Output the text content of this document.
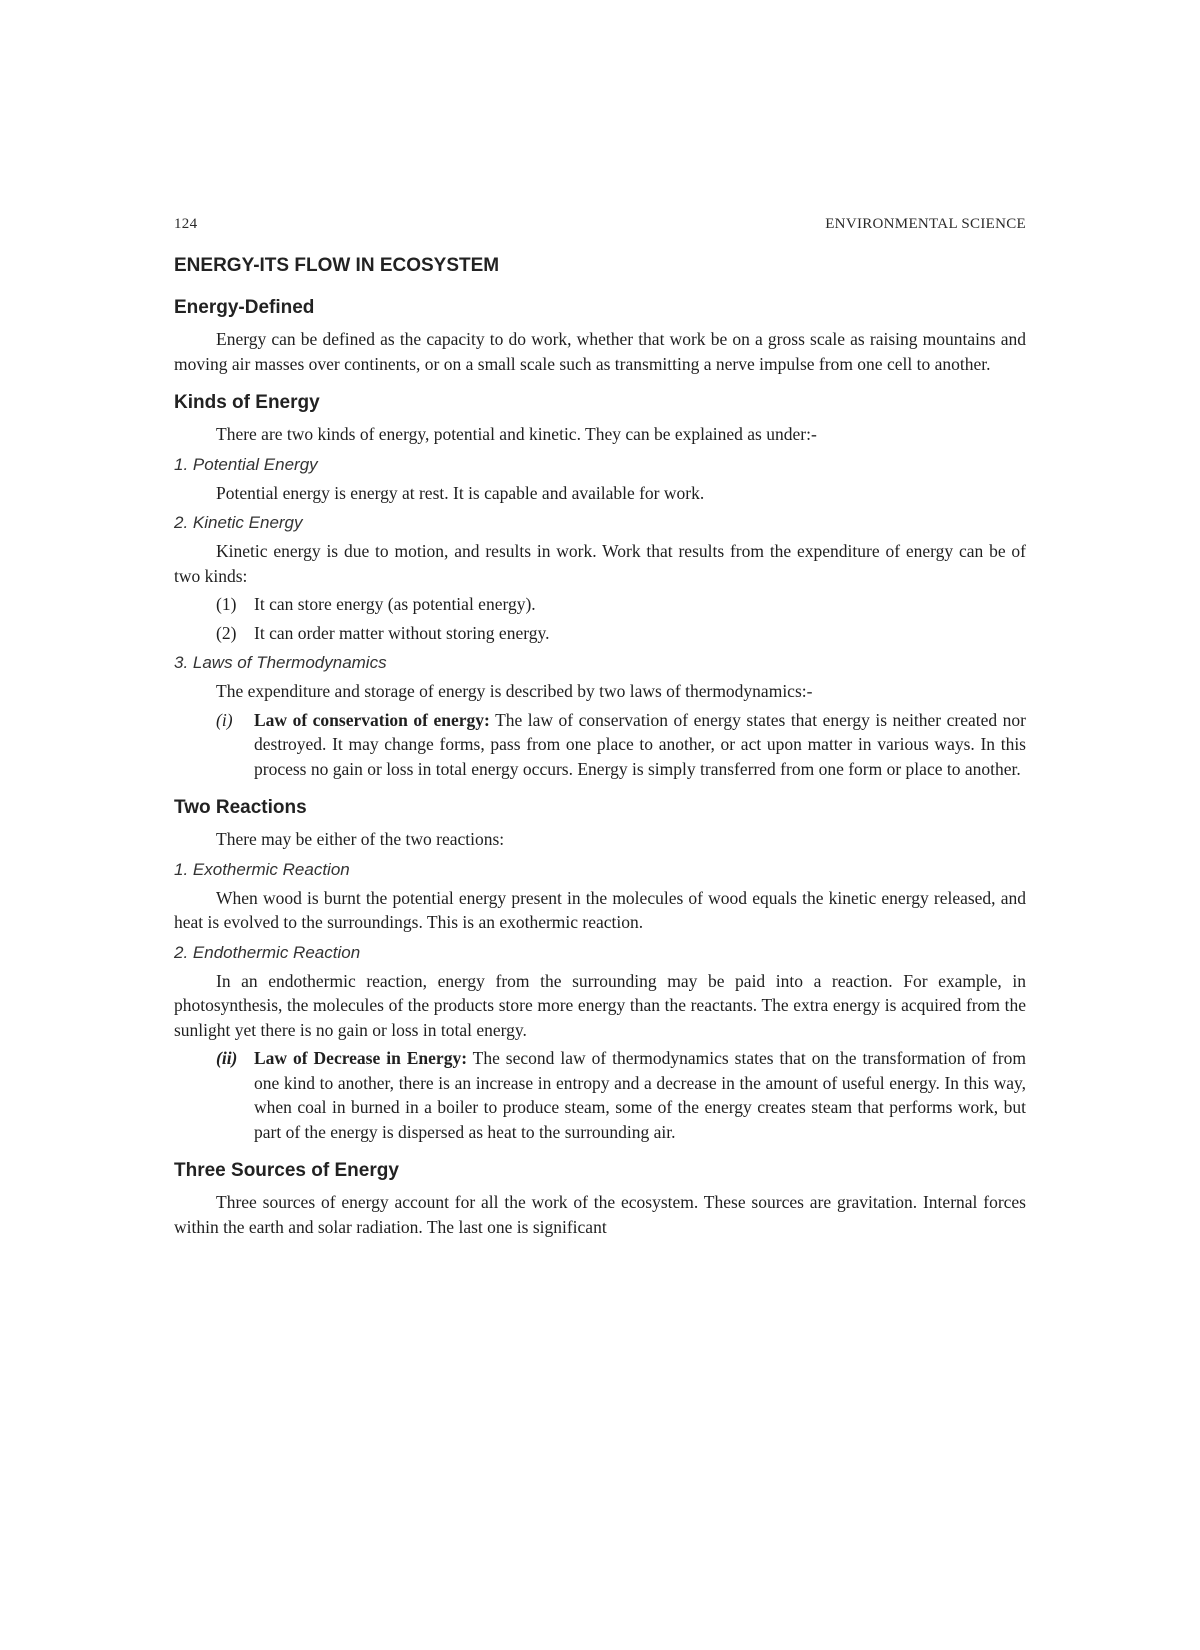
124	ENVIRONMENTAL SCIENCE
ENERGY-ITS FLOW IN ECOSYSTEM
Energy-Defined

Energy can be defined as the capacity to do work, whether that work be on a gross scale as raising mountains and moving air masses over continents, or on a small scale such as transmitting a nerve impulse from one cell to another.

Kinds of Energy

There are two kinds of energy, potential and kinetic. They can be explained as under:-

1. Potential Energy

Potential energy is energy at rest. It is capable and available for work.

2. Kinetic Energy

Kinetic energy is due to motion, and results in work. Work that results from the expenditure of energy can be of two kinds:

(1)	It can store energy (as potential energy).
(2)	It can order matter without storing energy.
3. Laws of Thermodynamics

The expenditure and storage of energy is described by two laws of thermodynamics:-

(i)	Law of conservation of energy: The law of conservation of energy states that energy is neither created nor destroyed. It may change forms, pass from one place to another, or act upon matter in various ways. In this process no gain or loss in total energy occurs. Energy is simply transferred from one form or place to another.
Two Reactions

There may be either of the two reactions:

1. Exothermic Reaction

When wood is burnt the potential energy present in the molecules of wood equals the kinetic energy released, and heat is evolved to the surroundings. This is an exothermic reaction.

2. Endothermic Reaction

In an endothermic reaction, energy from the surrounding may be paid into a reaction. For example, in photosynthesis, the molecules of the products store more energy than the reactants. The extra energy is acquired from the sunlight yet there is no gain or loss in total energy.

(ii) Law of Decrease in Energy: The second law of thermodynamics states that on the transformation of from one kind to another, there is an increase in entropy and a decrease in the amount of useful energy. In this way, when coal in burned in a boiler to produce steam, some of the energy creates steam that performs work, but part of the energy is dispersed as heat to the surrounding air.
Three Sources of Energy

Three sources of energy account for all the work of the ecosystem. These sources are gravitation. Internal forces within the earth and solar radiation. The last one is significant
